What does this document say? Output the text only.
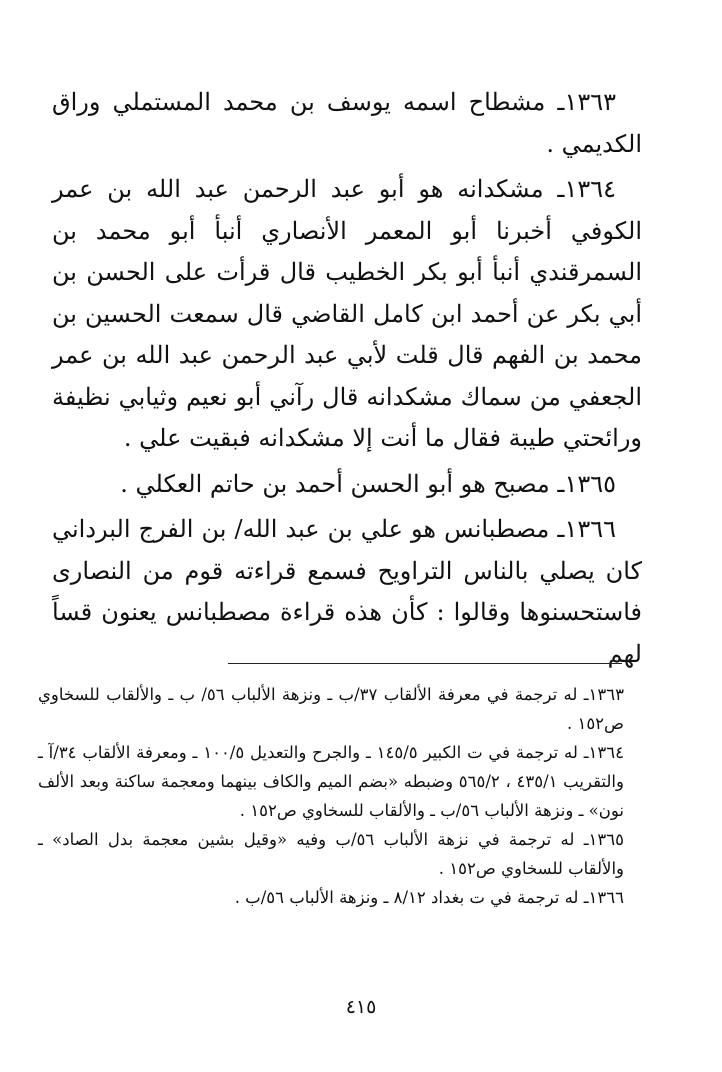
١٣٦٣ـ مشطاح اسمه يوسف بن محمد المستملي وراق الكديمي .

١٣٦٤ـ مشكدانه هو أبو عبد الرحمن عبد الله بن عمر الكوفي أخبرنا أبو المعمر الأنصاري أنبأ أبو محمد بن السمرقندي أنبأ أبو بكر الخطيب قال قرأت على الحسن بن أبي بكر عن أحمد ابن كامل القاضي قال سمعت الحسين بن محمد بن الفهم قال قلت لأبي عبد الرحمن عبد الله بن عمر الجعفي من سماك مشكدانه قال رآني أبو نعيم وثيابي نظيفة ورائحتي طيبة فقال ما أنت إلا مشكدانه فبقيت علي .

١٣٦٥ـ مصبح هو أبو الحسن أحمد بن حاتم العكلي .

١٣٦٦ـ مصطبانس هو علي بن عبد الله/ بن الفرج البرداني كان يصلي بالناس التراويح فسمع قراءته قوم من النصارى فاستحسنوها وقالوا : كأن هذه قراءة مصطبانس يعنون قساً لهم

١٣٦٣ـ له ترجمة في معرفة الألقاب ٣٧/ب ـ ونزهة الألباب ٥٦/ ب ـ والألقاب للسخاوي ص١٥٢ .

١٣٦٤ـ له ترجمة في ت الكبير ١٤٥/٥ ـ والجرح والتعديل ١٠٠/٥ ـ ومعرفة الألقاب ٣٤/آ ـ والتقريب ٤٣٥/١ ، ٥٦٥/٢ وضبطه «بضم الميم والكاف بينهما ومعجمة ساكنة وبعد الألف نون» ـ ونزهة الألباب ٥٦/ب ـ والألقاب للسخاوي ص١٥٢ .

١٣٦٥ـ له ترجمة في نزهة الألباب ٥٦/ب وفيه «وقيل بشين معجمة بدل الصاد» ـ والألقاب للسخاوي ص١٥٢ .

١٣٦٦ـ له ترجمة في ت بغداد ٨/١٢ ـ ونزهة الألباب ٥٦/ب .

٤١٥
